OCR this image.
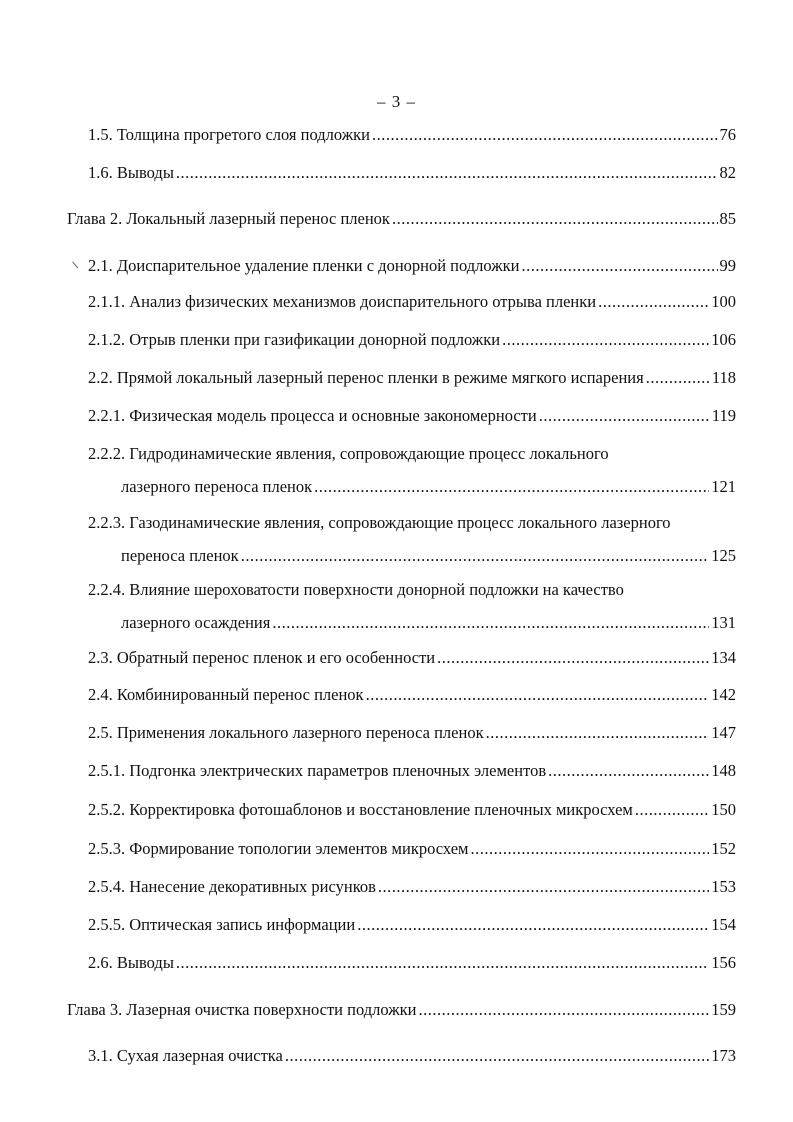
– 3 –
1.5. Толщина прогретого слоя подложки .....	76
1.6. Выводы .....	82
Глава 2. Локальный лазерный перенос пленок .....	85
2.1. Доиспарительное удаление пленки с донорной подложки .....	99
2.1.1. Анализ физических механизмов доиспарительного отрыва пленки .....	100
2.1.2. Отрыв пленки при газификации донорной подложки .....	106
2.2. Прямой локальный лазерный перенос пленки в режиме мягкого испарения .....	118
2.2.1. Физическая модель процесса и основные закономерности .....	119
2.2.2. Гидродинамические явления, сопровождающие процесс локального
лазерного переноса пленок .....	121
2.2.3. Газодинамические явления, сопровождающие процесс локального лазерного
переноса пленок .....	125
2.2.4. Влияние шероховатости поверхности донорной подложки на качество
лазерного осаждения .....	131
2.3. Обратный перенос пленок и его особенности .....	134
2.4. Комбинированный перенос пленок .....	142
2.5. Применения локального лазерного переноса пленок .....	147
2.5.1. Подгонка электрических параметров пленочных элементов .....	148
2.5.2. Корректировка фотошаблонов и восстановление пленочных микросхем .....	150
2.5.3. Формирование топологии элементов микросхем .....	152
2.5.4. Нанесение декоративных рисунков .....	153
2.5.5. Оптическая запись информации .....	154
2.6. Выводы .....	156
Глава 3. Лазерная очистка поверхности подложки .....	159
3.1. Сухая лазерная очистка .....	173
